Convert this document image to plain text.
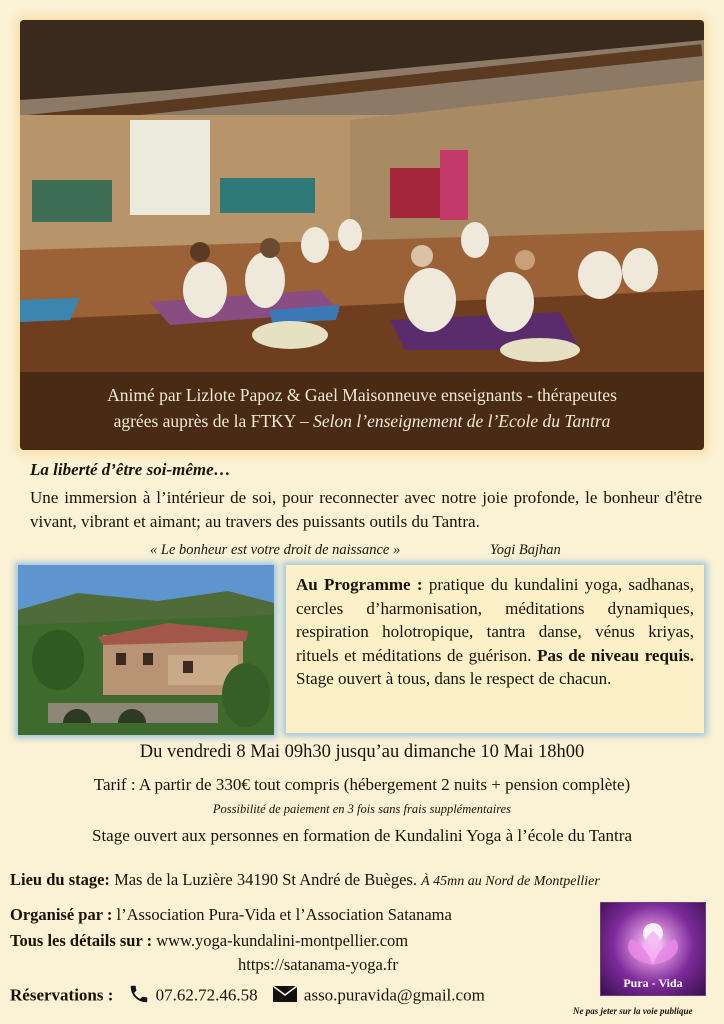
Animé par Lizlote Papoz & Gael Maisonneuve enseignants - thérapeutes
agrées auprès de la FTKY – Selon l’enseignement de l’Ecole du Tantra
La liberté d’être soi-même…
Une immersion à l’intérieur de soi, pour reconnecter avec notre joie profonde, le bonheur d'être vivant, vibrant et aimant; au travers des puissants outils du Tantra.
« Le bonheur est votre droit de naissance »	Yogi Bajhan

Au Programme : pratique du kundalini yoga, sadhanas, cercles d’harmonisation, méditations dynamiques, respiration holotropique, tantra danse, vénus kriyas, rituels et méditations de guérison. Pas de niveau requis. Stage ouvert à tous, dans le respect de chacun.

Du vendredi 8 Mai 09h30 jusqu’au dimanche 10 Mai 18h00
Tarif : A partir de 330€ tout compris (hébergement 2 nuits + pension complète)
Possibilité de paiement en 3 fois sans frais supplémentaires
Stage ouvert aux personnes en formation de Kundalini Yoga à l’école du Tantra
Lieu du stage: Mas de la Luzière 34190 St André de Buèges. À 45mn au Nord de Montpellier
Organisé par : l’Association Pura-Vida et l’Association Satanama
Tous les détails sur : www.yoga-kundalini-montpellier.com
https://satanama-yoga.fr
Réservations : 07.62.72.46.58	asso.puravida@gmail.com
Pura - Vida
Ne pas jeter sur la voie publique
